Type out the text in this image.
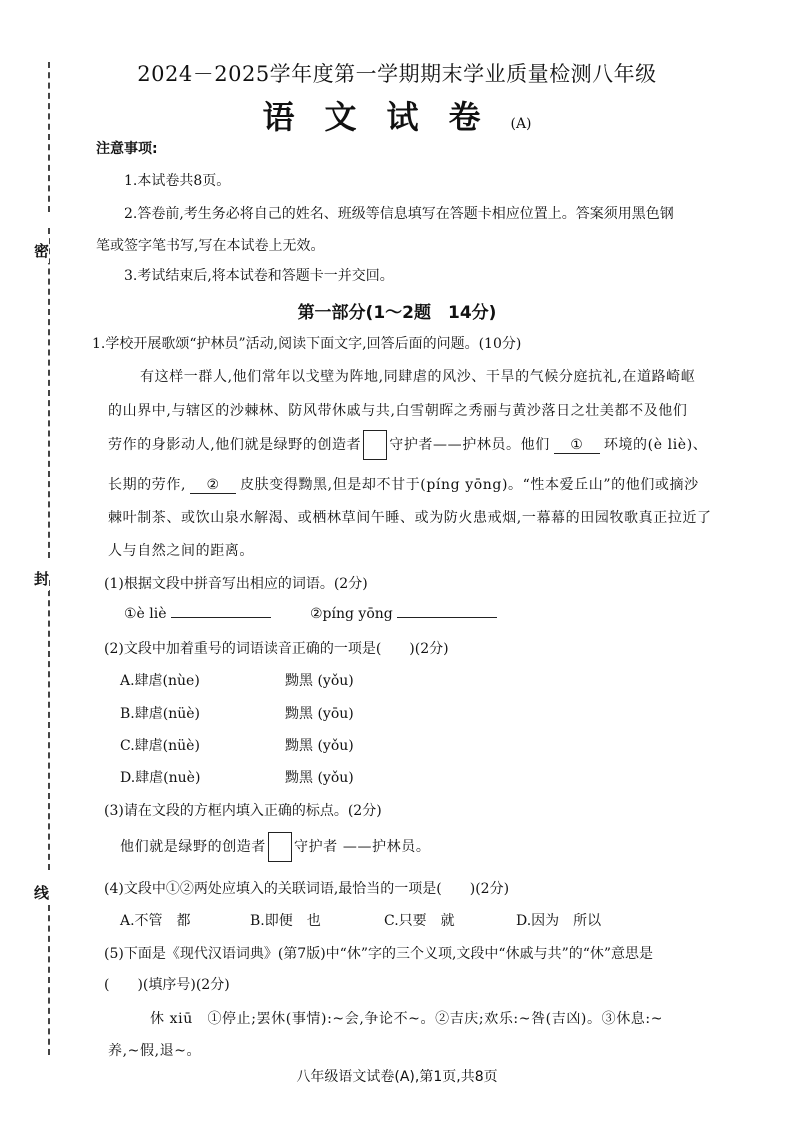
密
封
线
2024－2025学年度第一学期期末学业质量检测八年级
语文试卷(A)
注意事项:
1.本试卷共8页。
2.答卷前,考生务必将自己的姓名、班级等信息填写在答题卡相应位置上。答案须用黑色钢
笔或签字笔书写,写在本试卷上无效。
3.考试结束后,将本试卷和答题卡一并交回。
第一部分(1～2题　14分)
1.学校开展歌颂“护林员”活动,阅读下面文字,回答后面的问题。(10分)
有这样一群人,他们常年以戈壁为阵地,同肆虐的风沙、干旱的气候分庭抗礼,在道路崎岖
的山界中,与辖区的沙棘林、防风带休戚与共,白雪朝晖之秀丽与黄沙落日之壮美都不及他们
劳作的身影动人,他们就是绿野的创造者 守护者——护林员。他们 ① 环境的(è liè)、
长期的劳作, ② 皮肤变得黝黑,但是却不甘于(píng yōng)。“性本爱丘山”的他们或摘沙
棘叶制茶、或饮山泉水解渴、或栖林草间午睡、或为防火患戒烟,一幕幕的田园牧歌真正拉近了
人与自然之间的距离。
(1)根据文段中拼音写出相应的词语。(2分)
①è liè	②píng yōng
(2)文段中加着重号的词语读音正确的一项是(　　)(2分)
A.肆虐(nùe)	黝黑 (yǒu)
B.肆虐(nüè)	黝黑 (yōu)
C.肆虐(nüè)	黝黑 (yǒu)
D.肆虐(nuè)	黝黑 (yǒu)
(3)请在文段的方框内填入正确的标点。(2分)
他们就是绿野的创造者 守护者 ——护林员。
(4)文段中①②两处应填入的关联词语,最恰当的一项是(　　)(2分)
A.不管　都	B.即便　也	C.只要　就	D.因为　所以
(5)下面是《现代汉语词典》(第7版)中“休”字的三个义项,文段中“休戚与共”的“休”意思是
(　　)(填序号)(2分)
休 xiū　①停止;罢休(事情):~会,争论不~。②吉庆;欢乐:~咎(吉凶)。③休息:~
养,~假,退~。
八年级语文试卷(A),第1页,共8页
